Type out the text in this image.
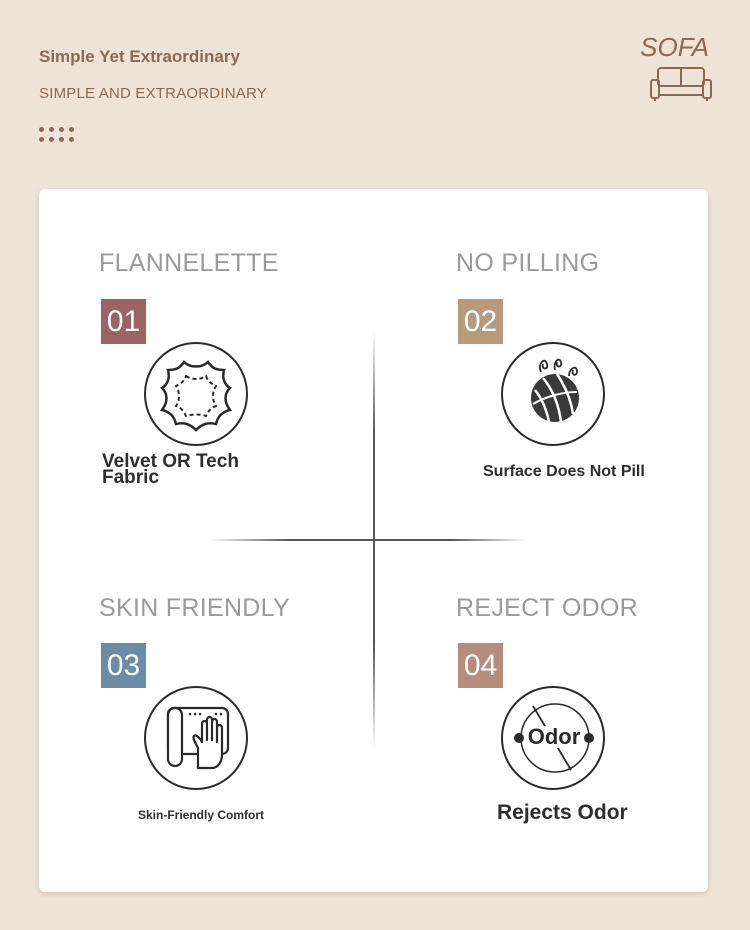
Simple Yet Extraordinary
SIMPLE AND EXTRAORDINARY
SOFA
FLANNELETTE
01
Velvet OR Tech Fabric
NO PILLING
02
Surface Does Not Pill
SKIN FRIENDLY
03
Skin-Friendly Comfort
REJECT ODOR
04
Odor
Rejects Odor
